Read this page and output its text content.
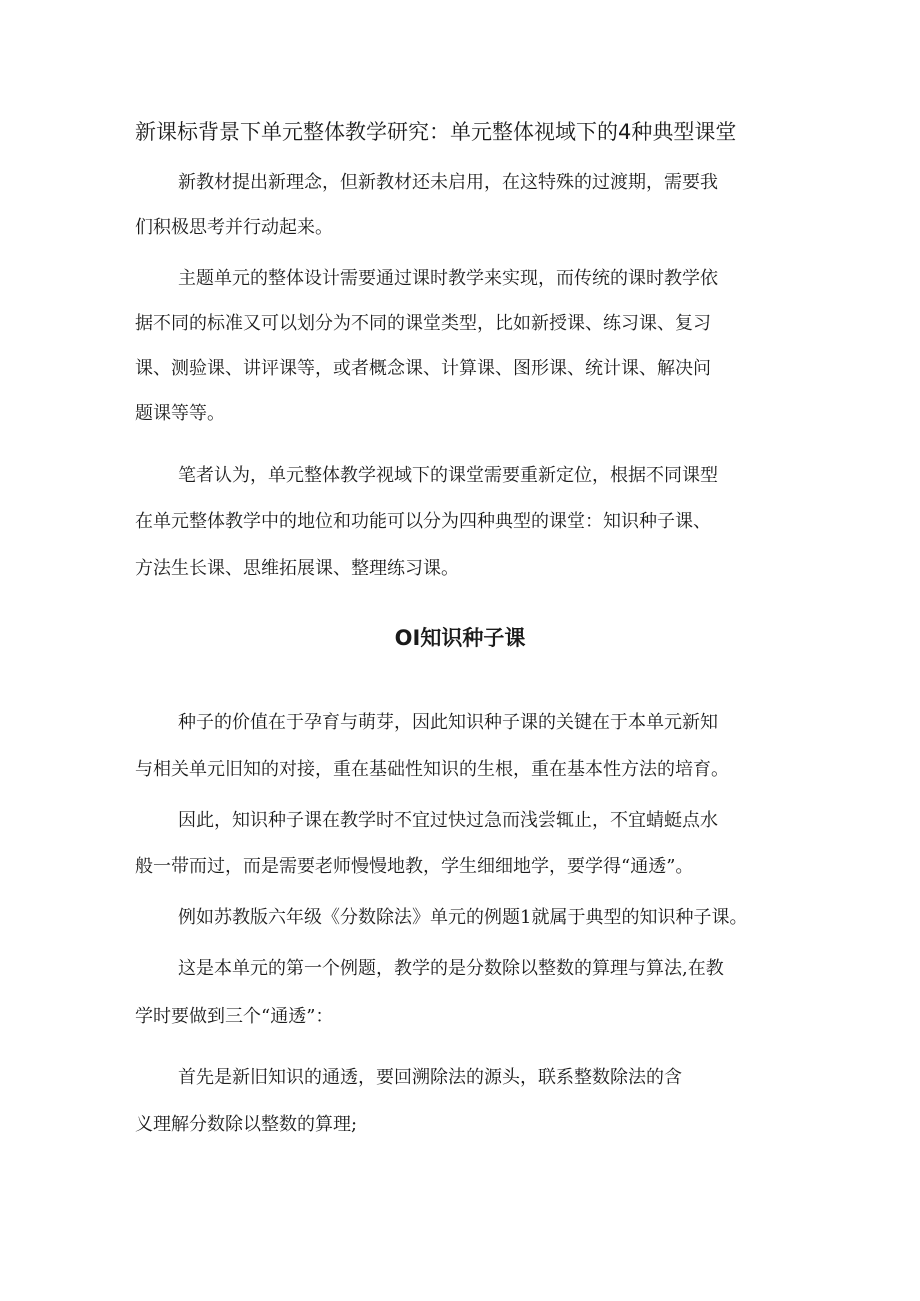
新课标背景下单元整体教学研究：单元整体视域下的4种典型课堂

新教材提出新理念，但新教材还未启用，在这特殊的过渡期，需要我

们积极思考并行动起来。

主题单元的整体设计需要通过课时教学来实现，而传统的课时教学依

据不同的标准又可以划分为不同的课堂类型，比如新授课、练习课、复习

课、测验课、讲评课等，或者概念课、计算课、图形课、统计课、解决问

题课等等。

笔者认为，单元整体教学视域下的课堂需要重新定位，根据不同课型

在单元整体教学中的地位和功能可以分为四种典型的课堂：知识种子课、

方法生长课、思维拓展课、整理练习课。

OI知识种子课

种子的价值在于孕育与萌芽，因此知识种子课的关键在于本单元新知

与相关单元旧知的对接，重在基础性知识的生根，重在基本性方法的培育。

因此，知识种子课在教学时不宜过快过急而浅尝辄止，不宜蜻蜓点水

般一带而过，而是需要老师慢慢地教，学生细细地学，要学得“通透”。

例如苏教版六年级《分数除法》单元的例题1就属于典型的知识种子课。

这是本单元的第一个例题，教学的是分数除以整数的算理与算法,在教

学时要做到三个“通透”：

首先是新旧知识的通透，要回溯除法的源头，联系整数除法的含

义理解分数除以整数的算理;
